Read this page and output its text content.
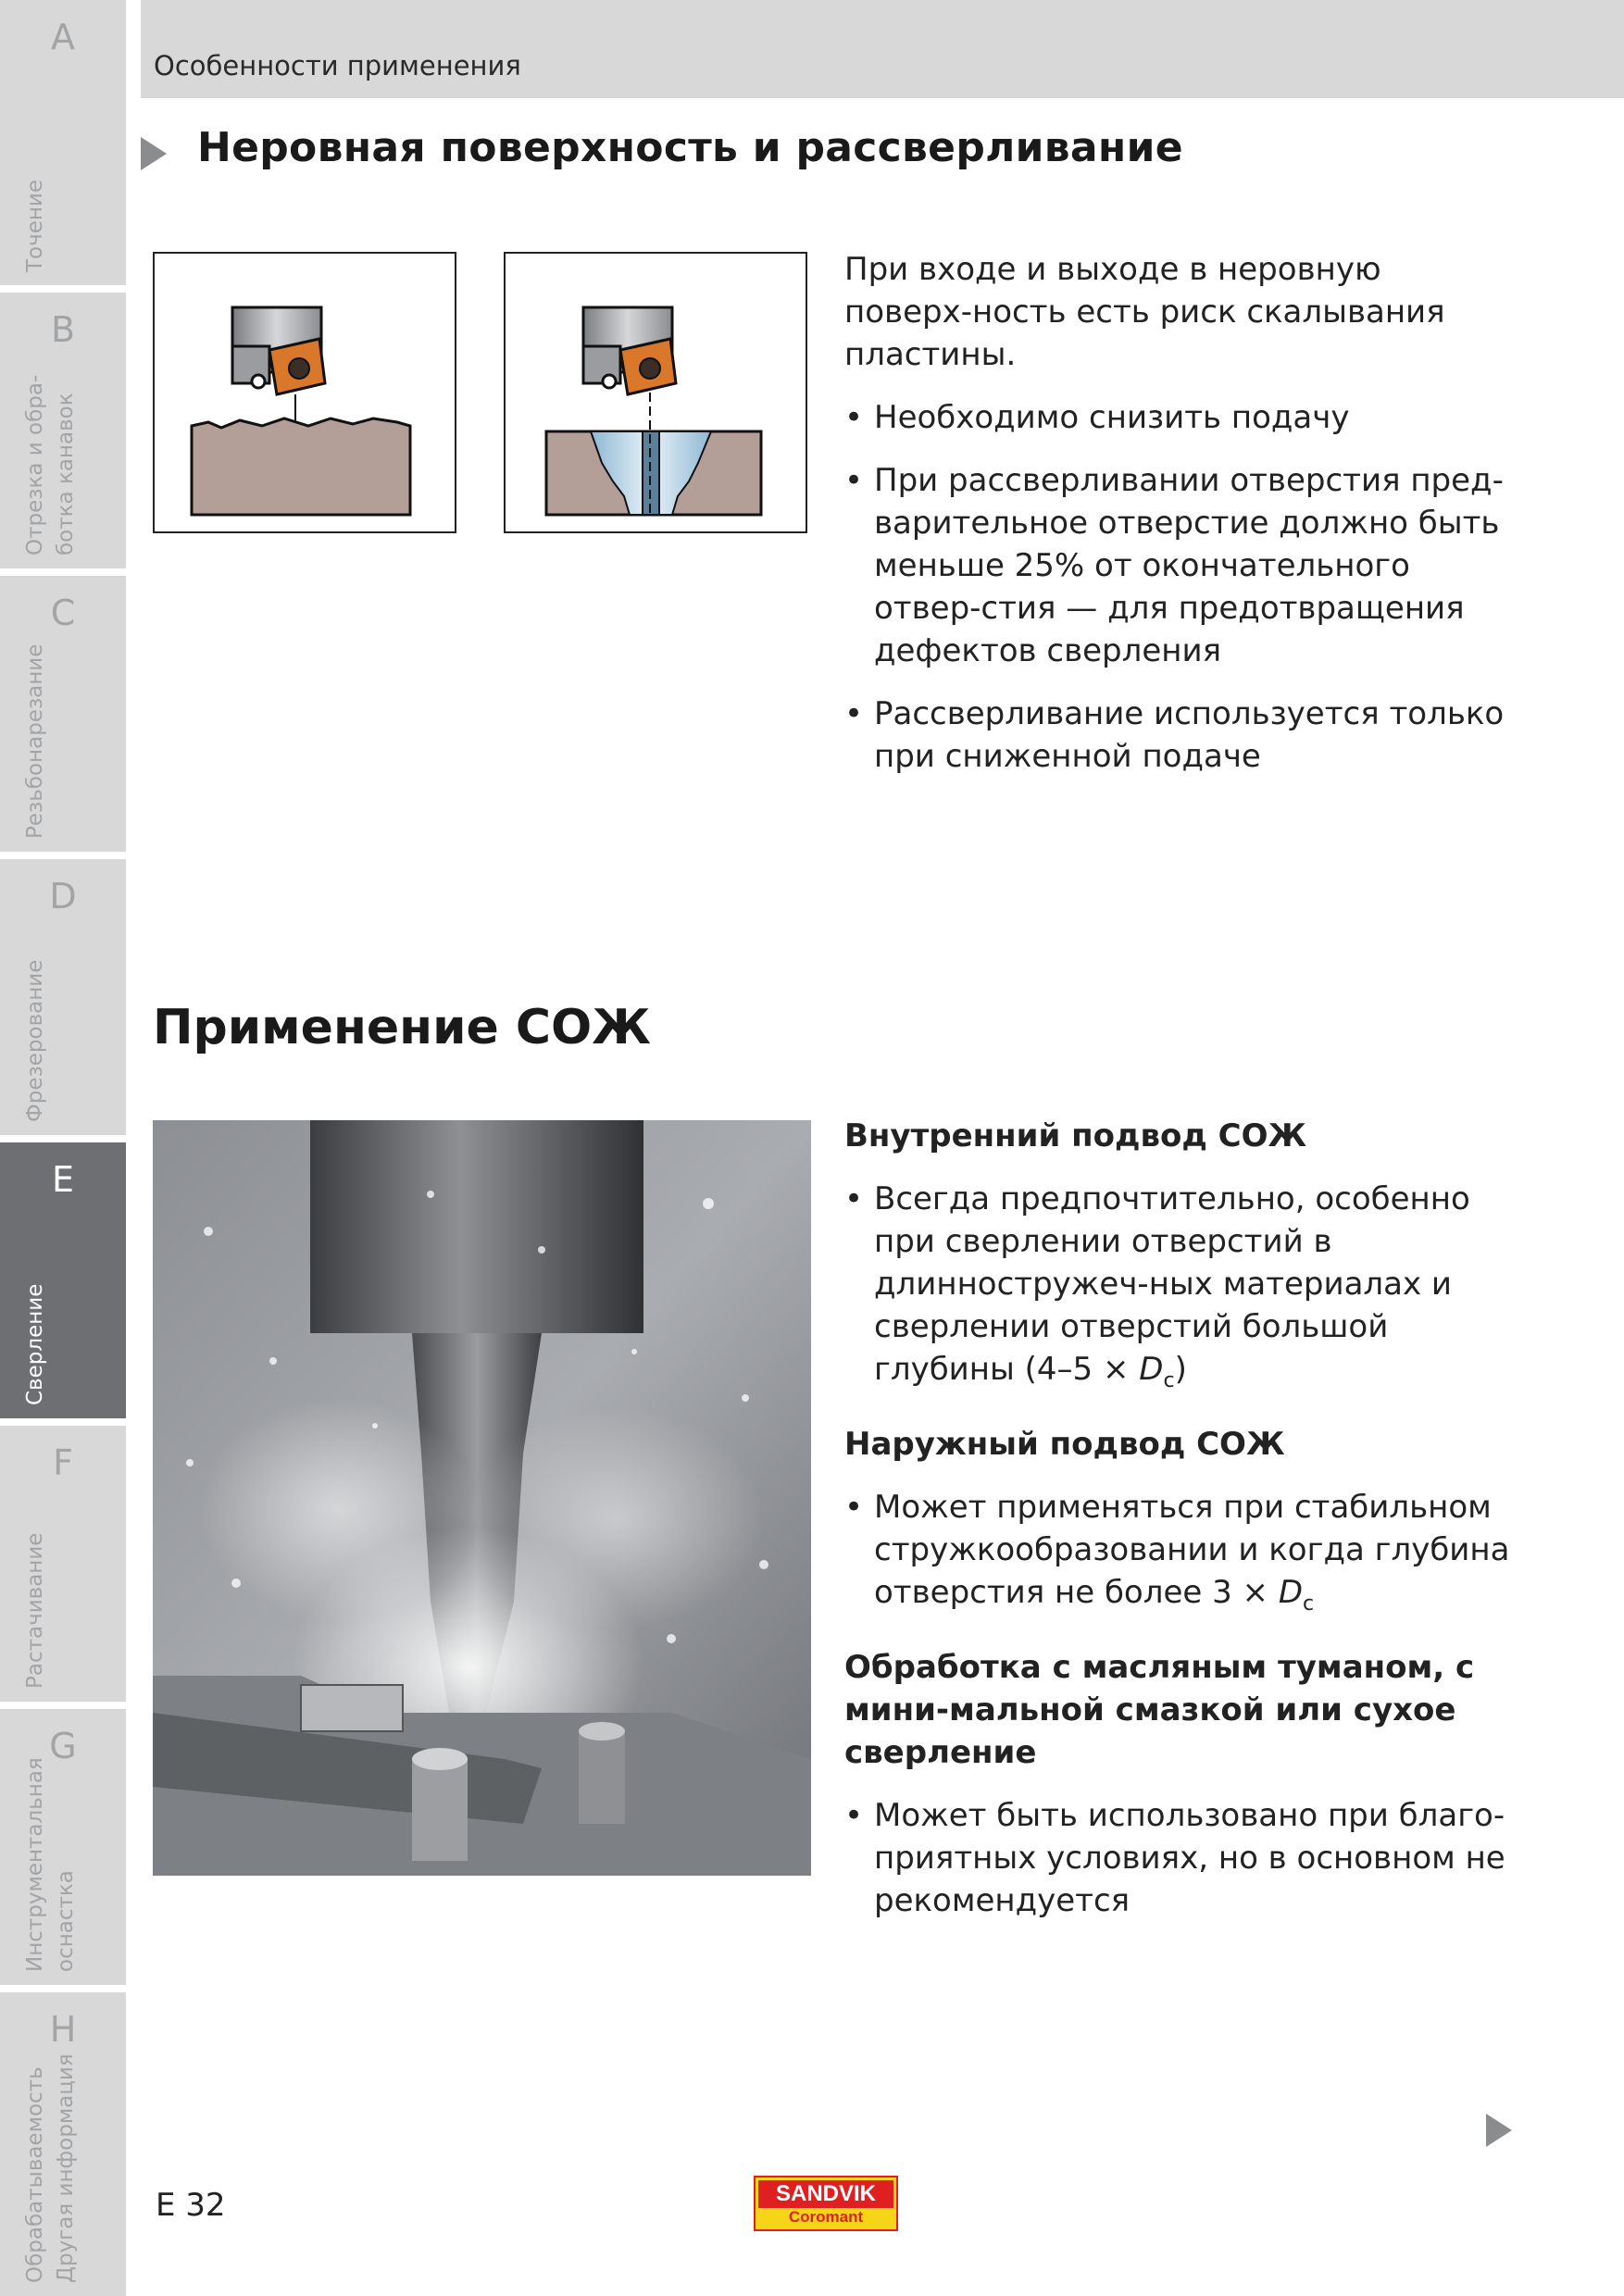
A
Точение
B
Отрезка и обра- ботка канавок
C
Резьбонарезание
D
Фрезерование
E
Сверление
F
Растачивание
G
Инструментальная оснастка
H
Обрабатываемость Другая информация
Особенности применения
Неровная поверхность и рассверливание

При входе и выходе в неровную поверх-ность есть риск скалывания пластины.

• Необходимо снизить подачу

• При рассверливании отверстия пред-варительное отверстие должно быть меньше 25% от окончательного отвер-стия — для предотвращения дефектов сверления

• Рассверливание используется только при сниженной подаче

Применение СОЖ

Внутренний подвод СОЖ

• Всегда предпочтительно, особенно при сверлении отверстий в длинностружеч-ных материалах и сверлении отверстий большой глубины $(4-5 \times D_c)$

Наружный подвод СОЖ

• Может применяться при стабильном стружкообразовании и когда глубина отверстия не более $3 \times D_c$

Обработка с масляным туманом, с мини-мальной смазкой или сухое сверление

• Может быть использовано при благо-приятных условиях, но в основном не рекомендуется

E 32	SANDVIK
Coromant
